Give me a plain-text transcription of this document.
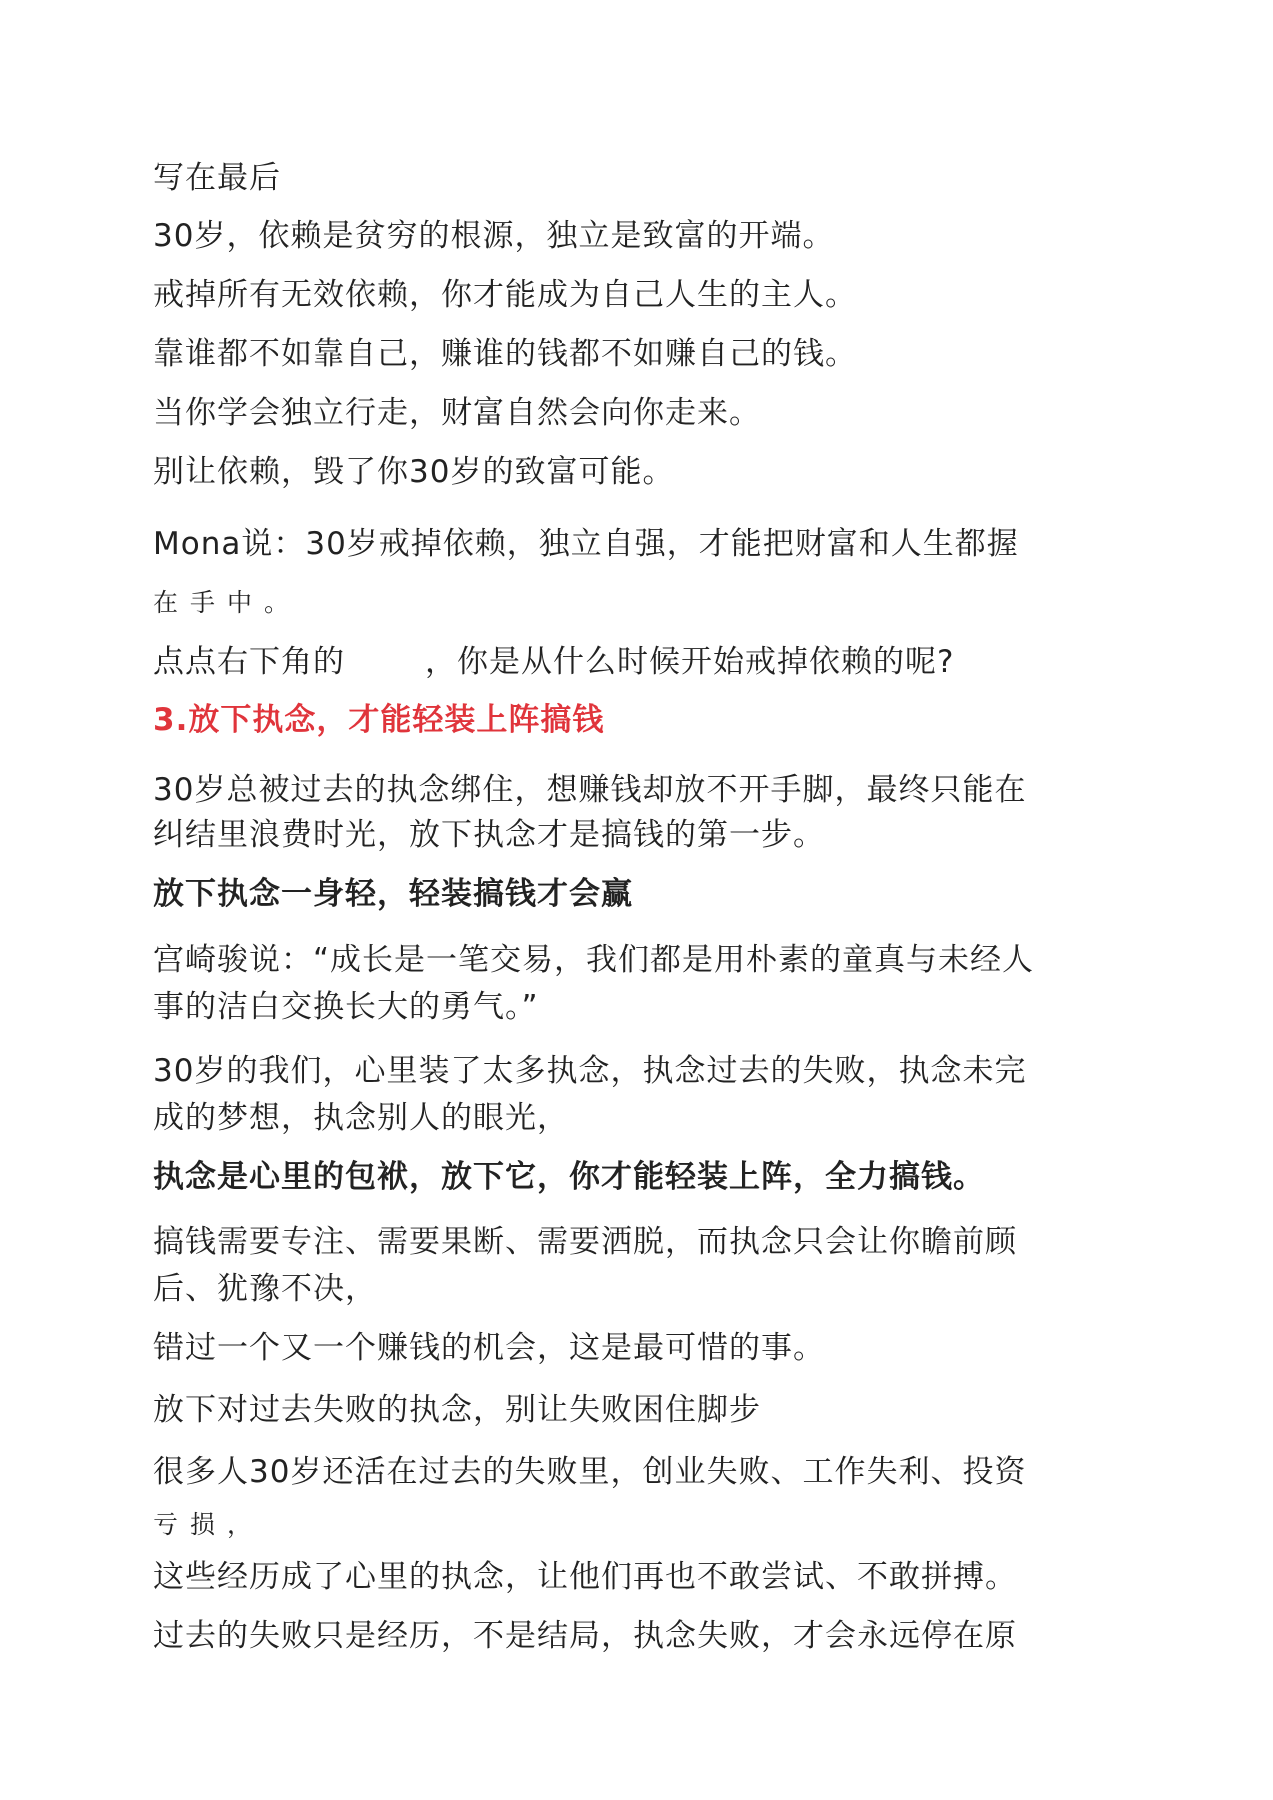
写在最后

30岁，依赖是贫穷的根源，独立是致富的开端。

戒掉所有无效依赖，你才能成为自己人生的主人。

靠谁都不如靠自己，赚谁的钱都不如赚自己的钱。

当你学会独立行走，财富自然会向你走来。

别让依赖，毁了你30岁的致富可能。

Mona说：30岁戒掉依赖，独立自强，才能把财富和人生都握

在手中。

点点右下角的	，你是从什么时候开始戒掉依赖的呢?

3.放下执念，才能轻装上阵搞钱

30岁总被过去的执念绑住，想赚钱却放不开手脚，最终只能在

纠结里浪费时光，放下执念才是搞钱的第一步。

放下执念一身轻，轻装搞钱才会赢

宫崎骏说：“成长是一笔交易，我们都是用朴素的童真与未经人

事的洁白交换长大的勇气。”

30岁的我们，心里装了太多执念，执念过去的失败，执念未完

成的梦想，执念别人的眼光，

执念是心里的包袱，放下它，你才能轻装上阵，全力搞钱。

搞钱需要专注、需要果断、需要洒脱，而执念只会让你瞻前顾

后、犹豫不决，

错过一个又一个赚钱的机会，这是最可惜的事。

放下对过去失败的执念，别让失败困住脚步

很多人30岁还活在过去的失败里，创业失败、工作失利、投资

亏损，

这些经历成了心里的执念，让他们再也不敢尝试、不敢拼搏。

过去的失败只是经历，不是结局，执念失败，才会永远停在原
